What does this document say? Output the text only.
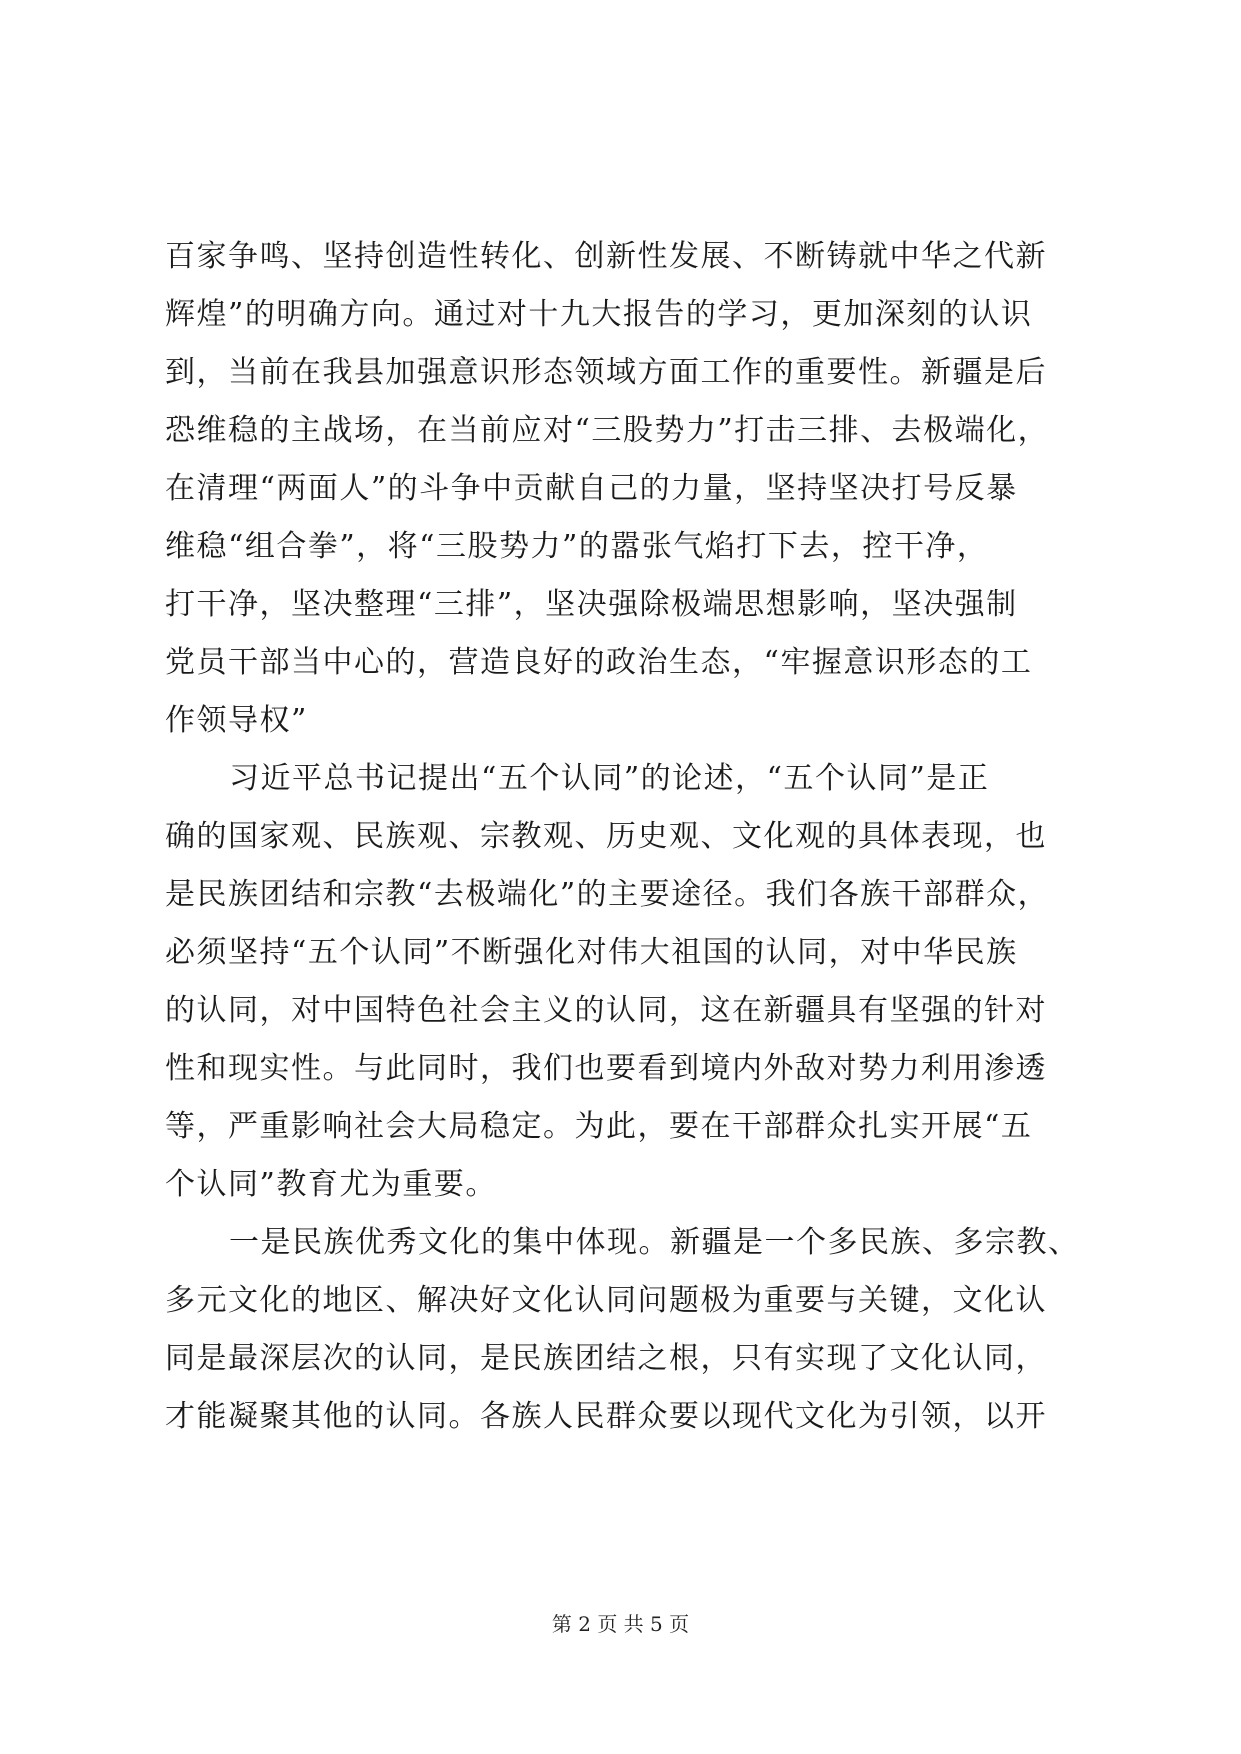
百家争鸣、坚持创造性转化、创新性发展、不断铸就中华之代新
辉煌”的明确方向。通过对十九大报告的学习，更加深刻的认识
到，当前在我县加强意识形态领域方面工作的重要性。新疆是后
恐维稳的主战场，在当前应对“三股势力”打击三排、去极端化，
在清理“两面人”的斗争中贡献自己的力量，坚持坚决打号反暴
维稳“组合拳”，将“三股势力”的嚣张气焰打下去，控干净，
打干净，坚决整理“三排”，坚决强除极端思想影响，坚决强制
党员干部当中心的，营造良好的政治生态，“牢握意识形态的工
作领导权”
习近平总书记提出“五个认同”的论述，“五个认同”是正
确的国家观、民族观、宗教观、历史观、文化观的具体表现，也
是民族团结和宗教“去极端化”的主要途径。我们各族干部群众，
必须坚持“五个认同”不断强化对伟大祖国的认同，对中华民族
的认同，对中国特色社会主义的认同，这在新疆具有坚强的针对
性和现实性。与此同时，我们也要看到境内外敌对势力利用渗透
等，严重影响社会大局稳定。为此，要在干部群众扎实开展“五
个认同”教育尤为重要。
一是民族优秀文化的集中体现。新疆是一个多民族、多宗教、
多元文化的地区、解决好文化认同问题极为重要与关键，文化认
同是最深层次的认同，是民族团结之根，只有实现了文化认同，
才能凝聚其他的认同。各族人民群众要以现代文化为引领，以开
第 2 页 共 5 页
